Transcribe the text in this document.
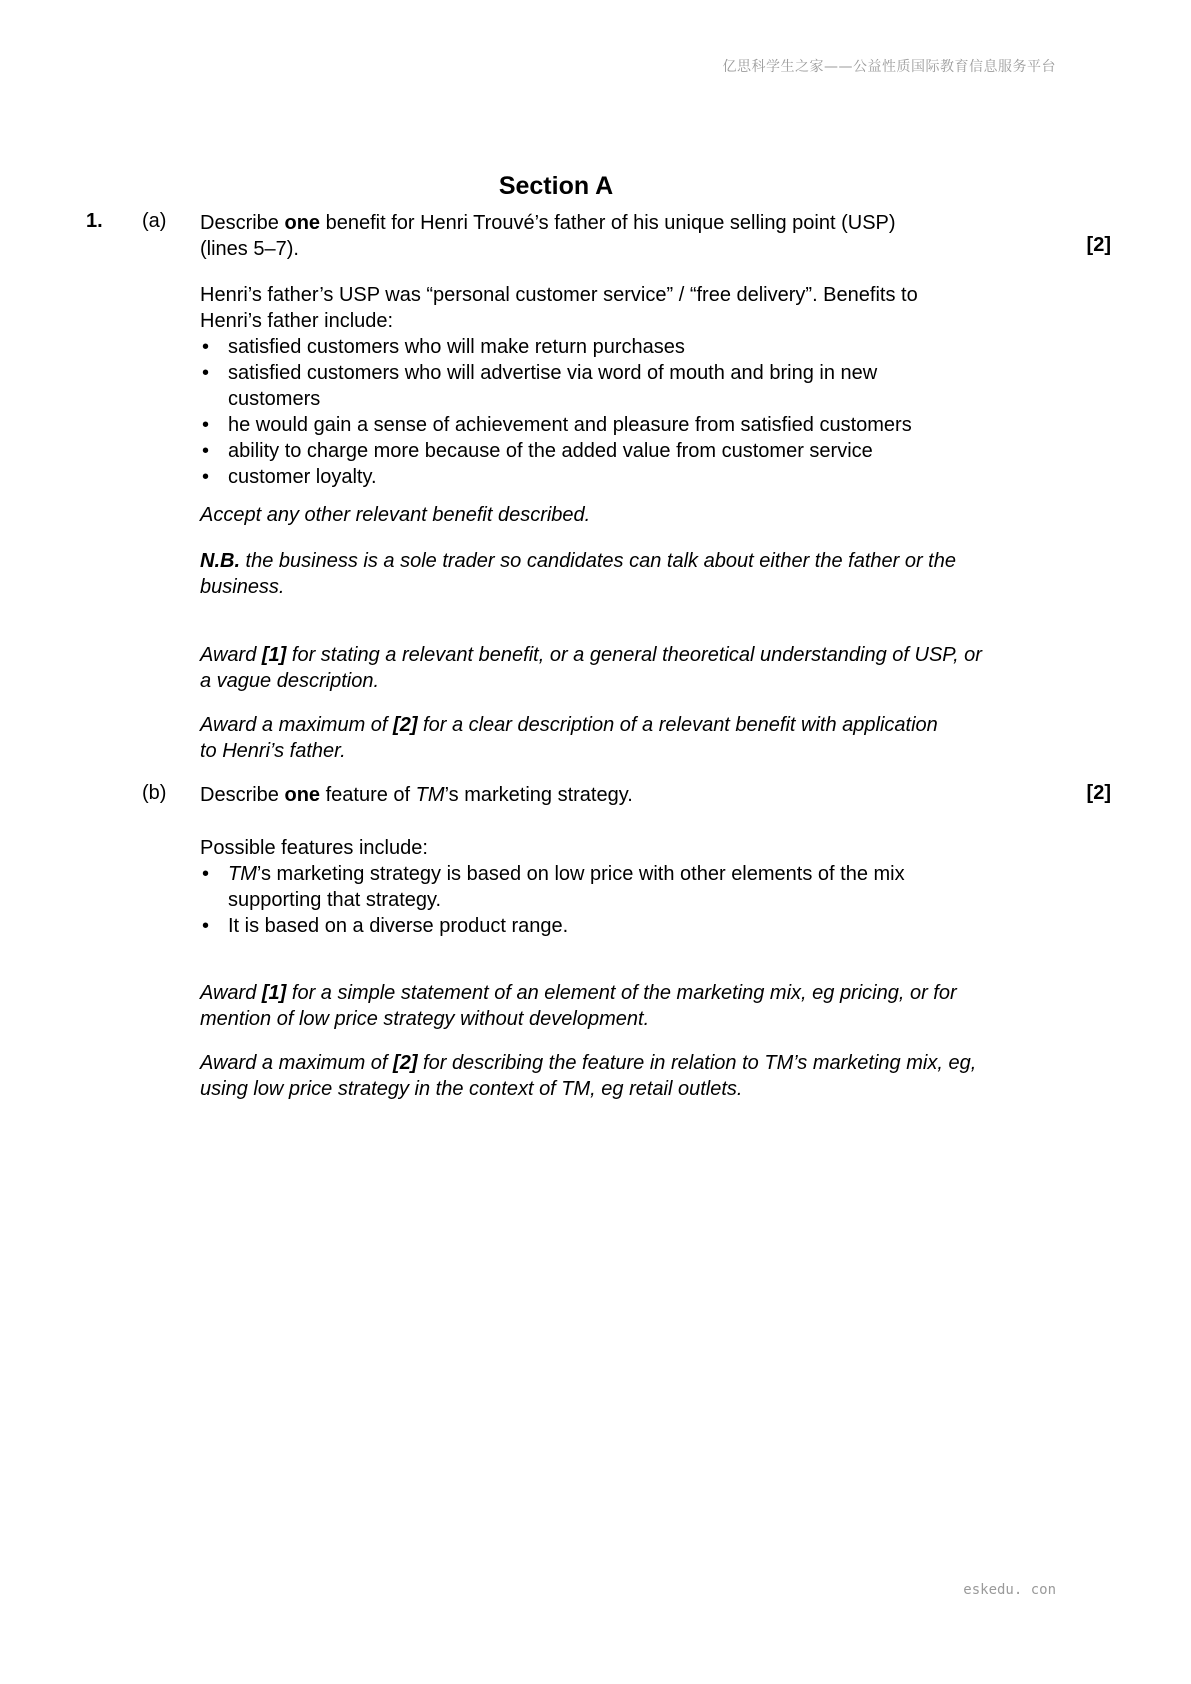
亿思科学生之家——公益性质国际教育信息服务平台
Section A
1. (a)
[2]
Describe one benefit for Henri Trouvé’s father of his unique selling point (USP) (lines 5–7).

Henri’s father’s USP was “personal customer service” / “free delivery”. Benefits to Henri’s father include:

• satisfied customers who will make return purchases
• satisfied customers who will advertise via word of mouth and bring in new customers
• he would gain a sense of achievement and pleasure from satisfied customers
• ability to charge more because of the added value from customer service
• customer loyalty.
Accept any other relevant benefit described.
N.B. the business is a sole trader so candidates can talk about either the father or the business.
Award [1] for stating a relevant benefit, or a general theoretical understanding of USP, or a vague description.
Award a maximum of [2] for a clear description of a relevant benefit with application to Henri’s father.
(b)	[2]
Describe one feature of TM’s marketing strategy.

Possible features include:

• TM’s marketing strategy is based on low price with other elements of the mix supporting that strategy.
• It is based on a diverse product range.
Award [1] for a simple statement of an element of the marketing mix, eg pricing, or for mention of low price strategy without development.
Award a maximum of [2] for describing the feature in relation to TM’s marketing mix, eg, using low price strategy in the context of TM, eg retail outlets.
eskedu. con
